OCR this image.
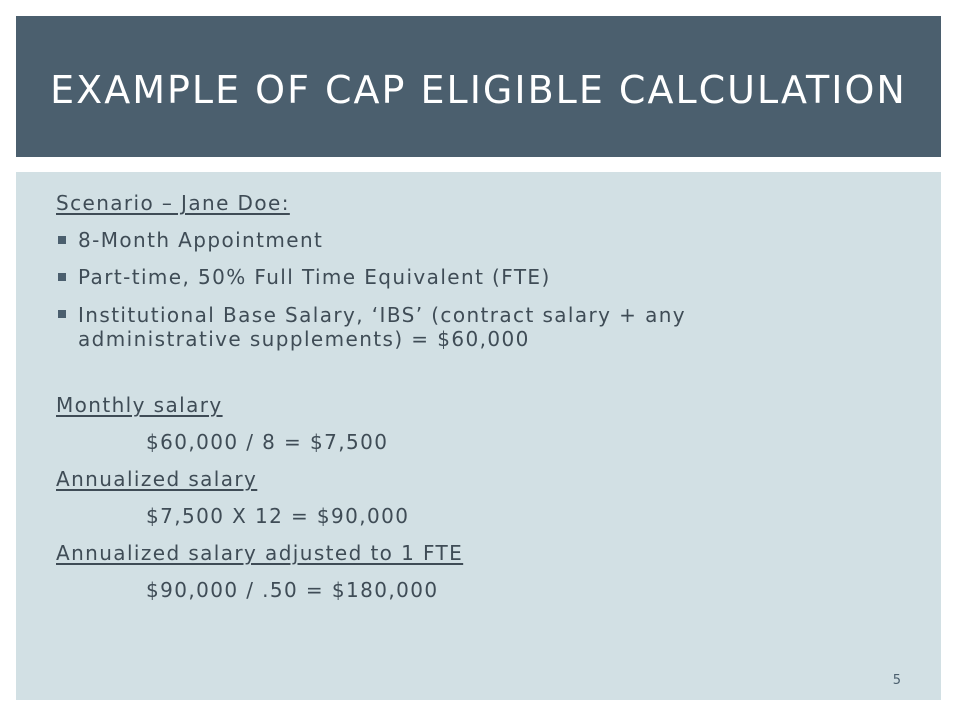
EXAMPLE OF CAP ELIGIBLE CALCULATION
Scenario – Jane Doe:
8-Month Appointment
Part-time, 50% Full Time Equivalent (FTE)
Institutional Base Salary, ‘IBS’ (contract salary + any administrative supplements) = $60,000
Monthly salary
$60,000 / 8 = $7,500
Annualized salary
$7,500 X 12 = $90,000
Annualized salary adjusted to 1 FTE
$90,000 / .50 = $180,000
5
